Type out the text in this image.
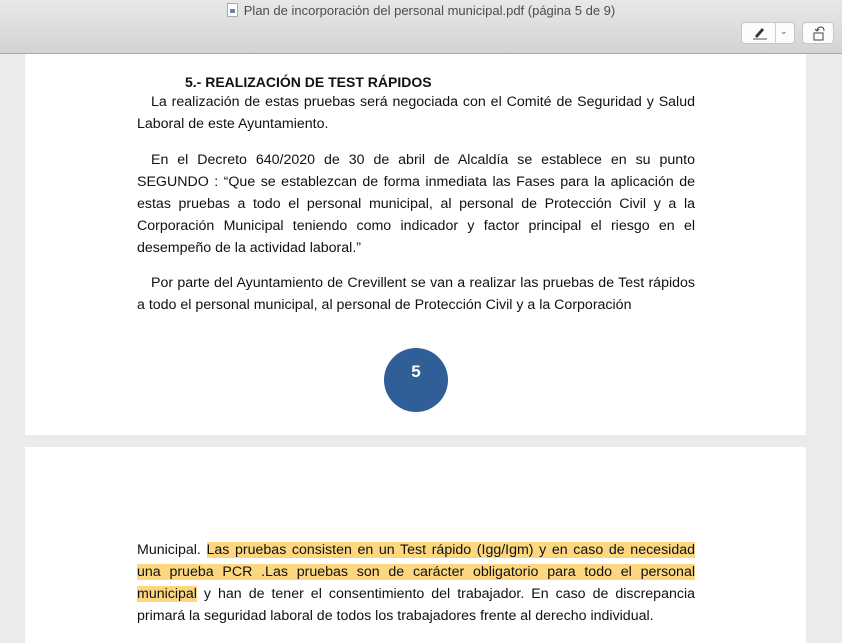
Plan de incorporación del personal municipal.pdf (página 5 de 9)
⌄
5.- REALIZACIÓN DE TEST RÁPIDOS
La realización de estas pruebas será negociada con el Comité de Seguridad y Salud Laboral de este Ayuntamiento.
En el Decreto 640/2020 de 30 de abril de Alcaldía se establece en su punto SEGUNDO : “Que se establezcan de forma inmediata las Fases para la aplicación de estas pruebas a todo el personal municipal, al personal de Protección Civil y a la Corporación Municipal teniendo como indicador y factor principal el riesgo en el desempeño de la actividad laboral.”
Por parte del Ayuntamiento de Crevillent se van a realizar las pruebas de Test rápidos a todo el personal municipal, al personal de Protección Civil y a la Corporación
5
Municipal. Las pruebas consisten en un Test rápido (Igg/Igm) y en caso de necesidad una prueba PCR .Las pruebas son de carácter obligatorio para todo el personal municipal y han de tener el consentimiento del trabajador. En caso de discrepancia primará la seguridad laboral de todos los trabajadores frente al derecho individual.
